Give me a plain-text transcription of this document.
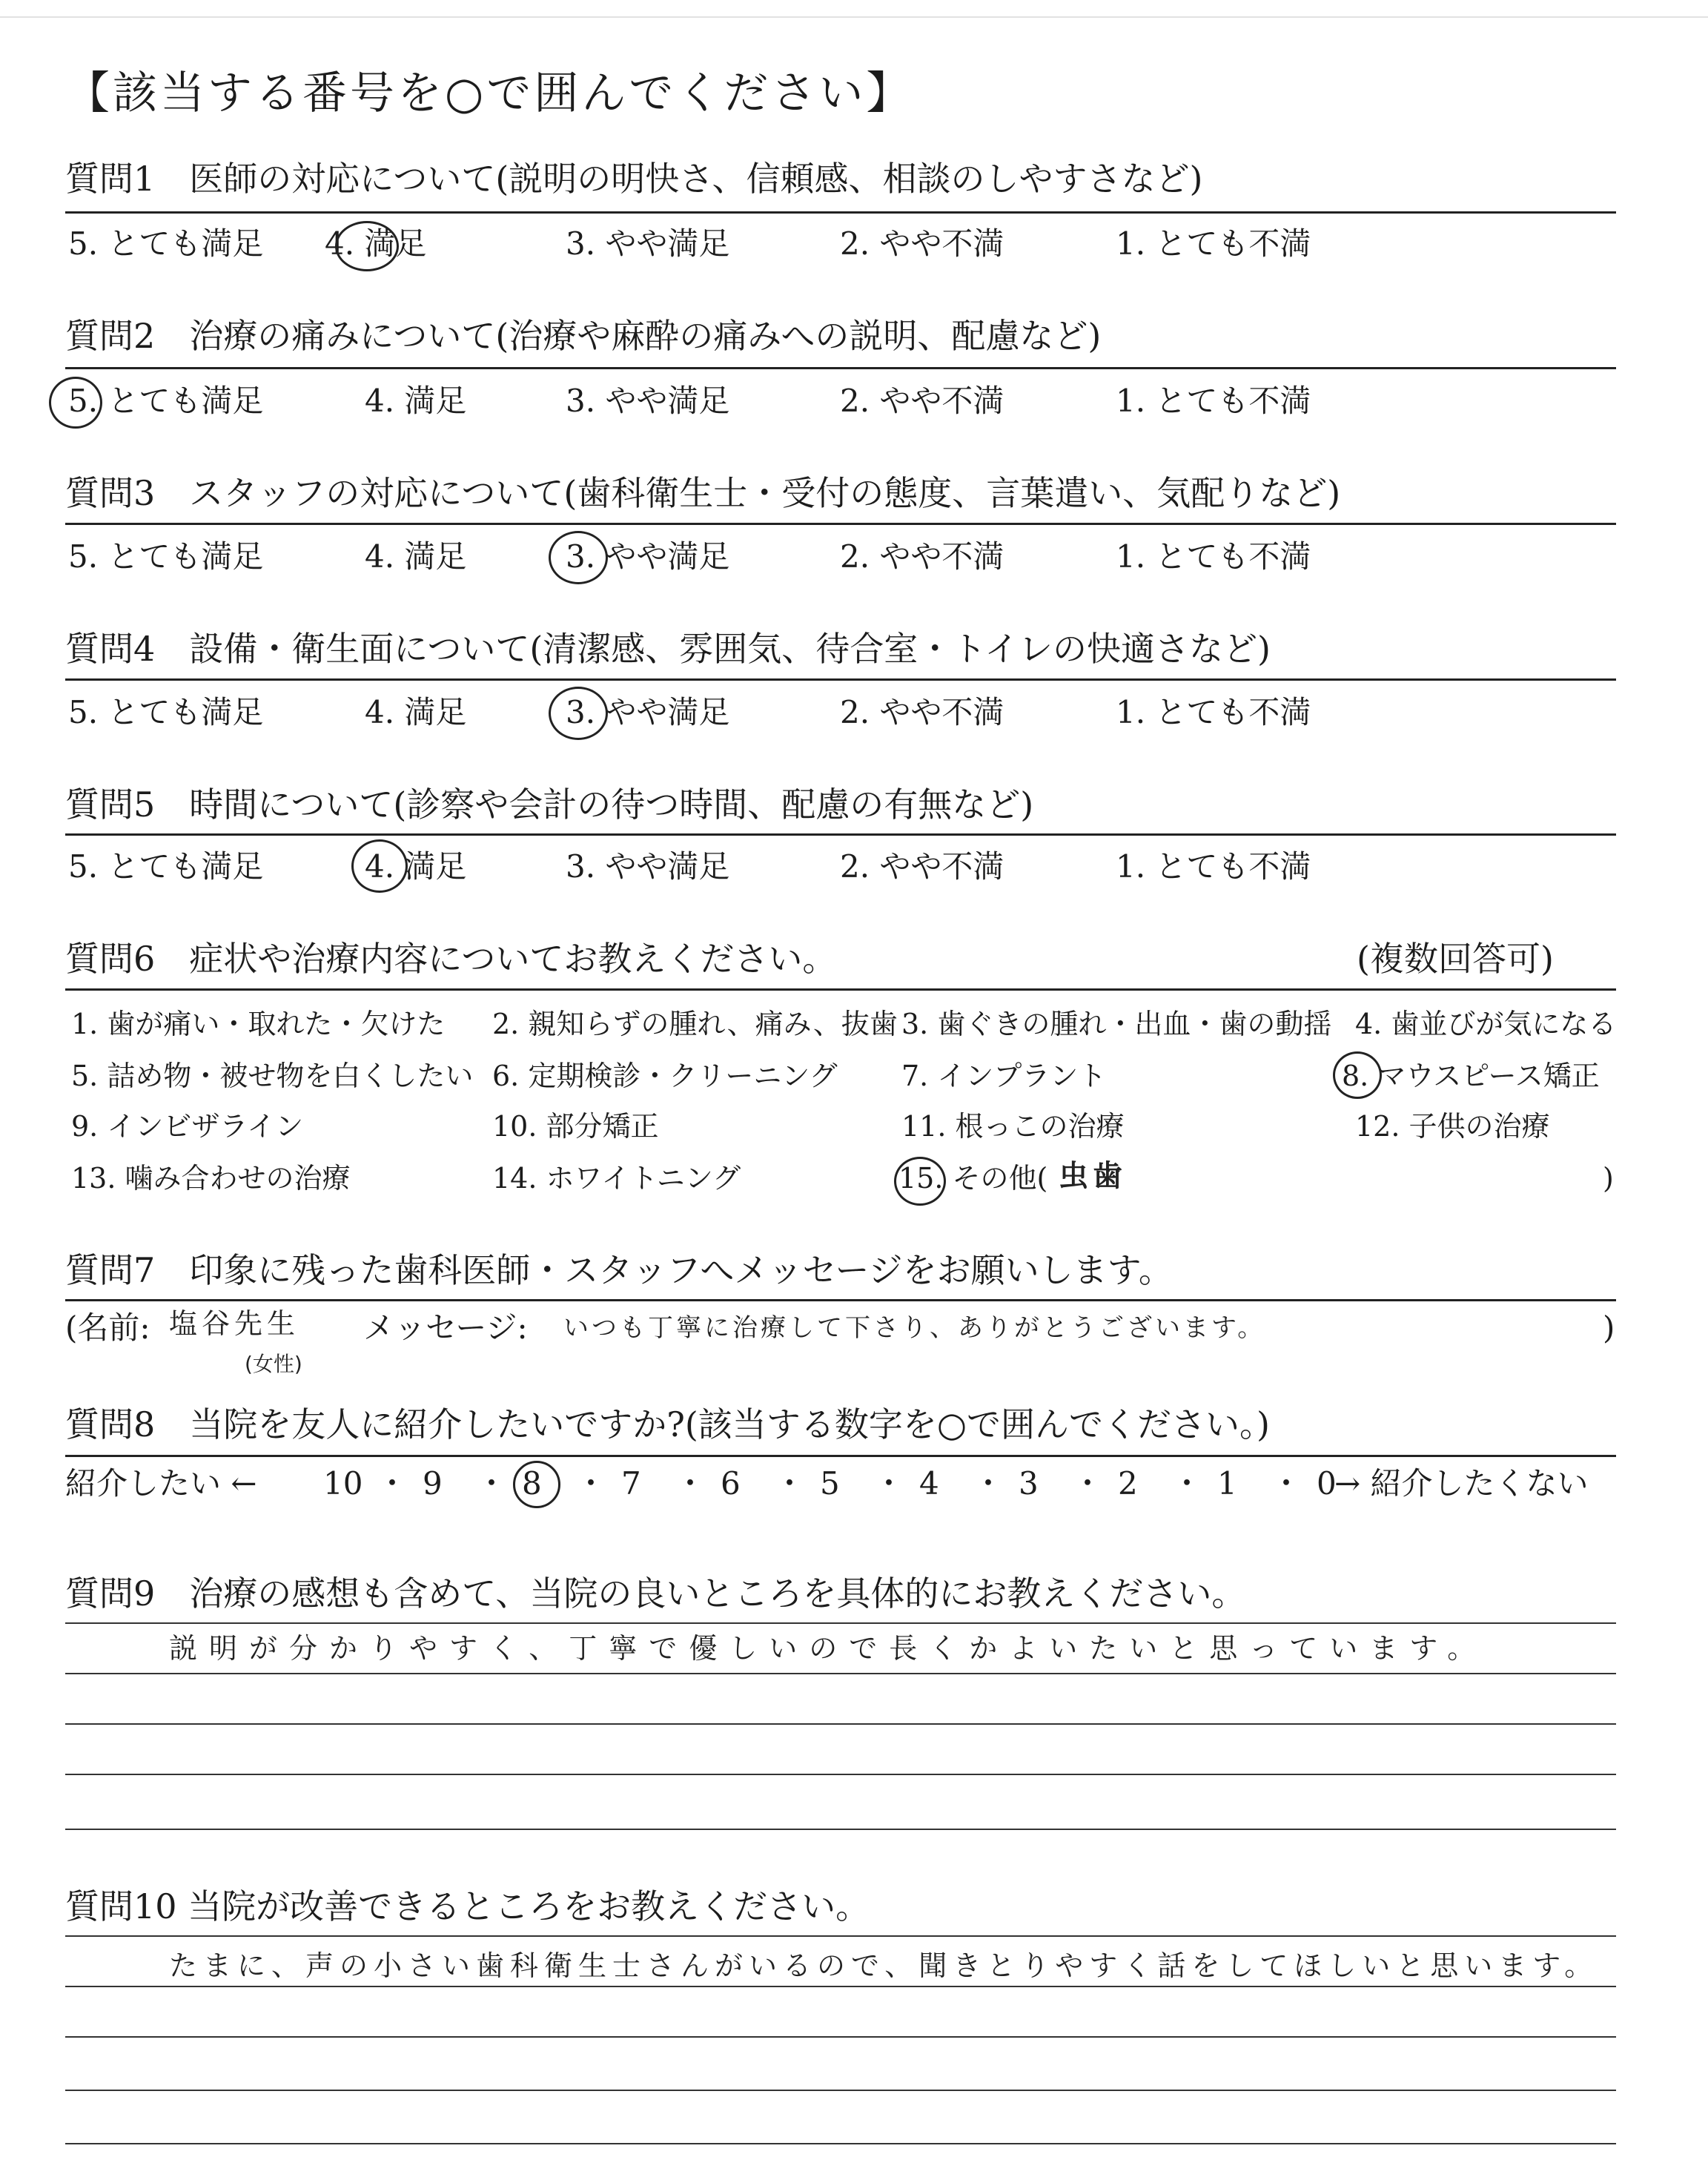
【該当する番号を○で囲んでください】
質問1　医師の対応について(説明の明快さ、信頼感、相談のしやすさなど)
5. とても満足 4. 満足	3. やや満足	2. やや不満	1. とても不満
質問2　治療の痛みについて(治療や麻酔の痛みへの説明、配慮など)
5. とても満足	4. 満足	3. やや満足	2. やや不満	1. とても不満
質問3　スタッフの対応について(歯科衛生士・受付の態度、言葉遣い、気配りなど)
5. とても満足	4. 満足	3. やや満足	2. やや不満	1. とても不満
質問4　設備・衛生面について(清潔感、雰囲気、待合室・トイレの快適さなど)
5. とても満足	4. 満足	3. やや満足	2. やや不満	1. とても不満
質問5　時間について(診察や会計の待つ時間、配慮の有無など)
5. とても満足	4. 満足	3. やや満足	2. やや不満	1. とても不満
質問6　症状や治療内容についてお教えください。	(複数回答可)
1. 歯が痛い・取れた・欠けた 2. 親知らずの腫れ、痛み、抜歯 3. 歯ぐきの腫れ・出血・歯の動揺 4. 歯並びが気になる
5. 詰め物・被せ物を白くしたい 6. 定期検診・クリーニング 7. インプラント	8. マウスピース矯正
9. インビザライン	10. 部分矯正	11. 根っこの治療	12. 子供の治療
13. 噛み合わせの治療	14. ホワイトニング	15. その他( 虫歯	)
質問7　印象に残った歯科医師・スタッフへメッセージをお願いします。
(名前: 塩谷先生
(女性)
メッセージ: いつも丁寧に治療して下さり、ありがとうございます。	)
質問8　当院を友人に紹介したいですか?(該当する数字を○で囲んでください。)
紹介したい ← 10 ・ 9 ・ 8 ・ 7 ・ 6 ・ 5 ・ 4 ・ 3 ・ 2 ・ 1 ・ 0
→ 紹介したくない
質問9　治療の感想も含めて、当院の良いところを具体的にお教えください。
説明が分かりやすく、丁寧で優しいので長くかよいたいと思っています。
質問10 当院が改善できるところをお教えください。
たまに、声の小さい歯科衛生士さんがいるので、聞きとりやすく話をしてほしいと思います。
